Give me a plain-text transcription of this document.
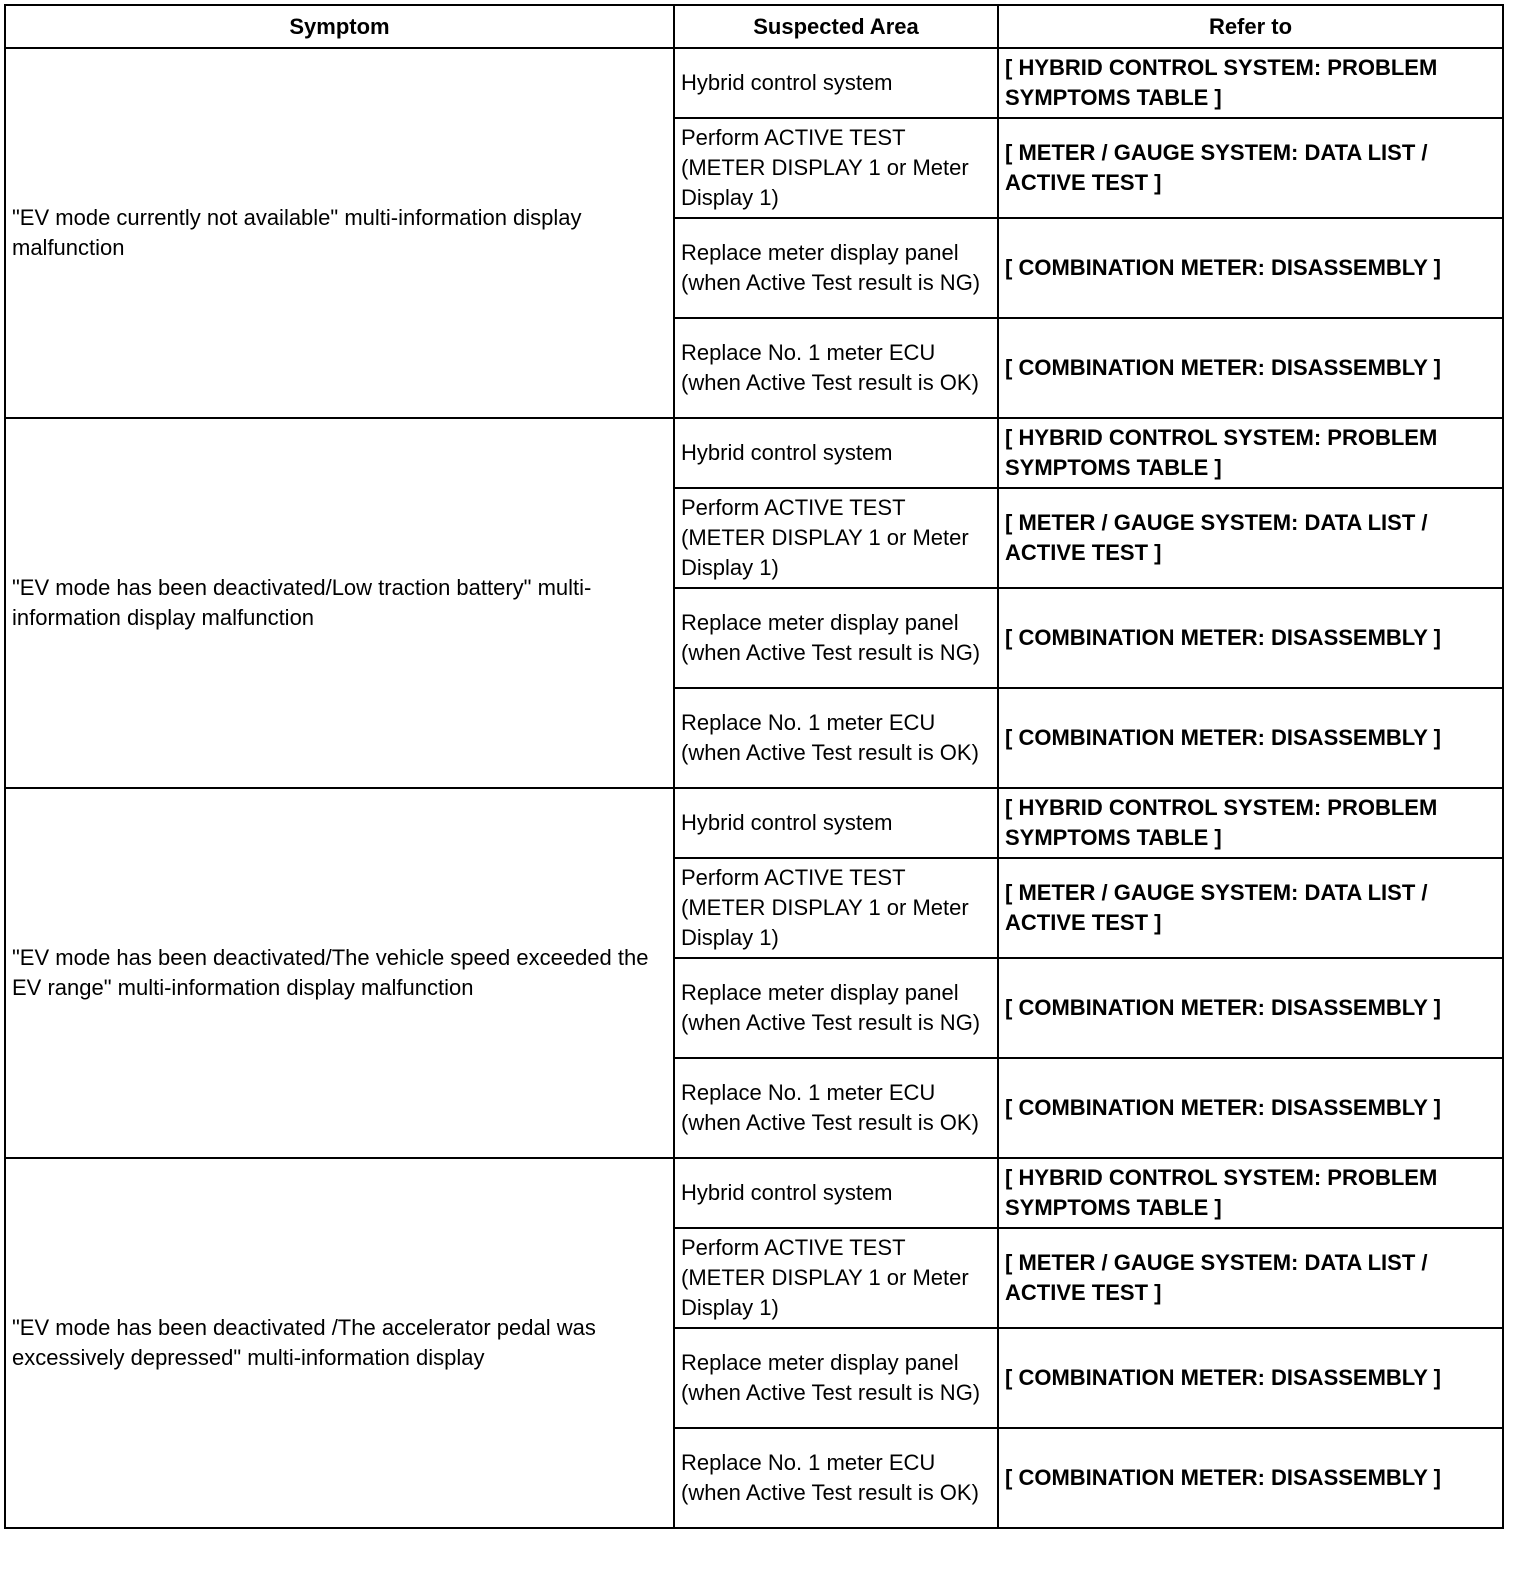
Symptom	Suspected Area	Refer to
"EV mode currently not available" multi-information display malfunction	Hybrid control system	[ HYBRID CONTROL SYSTEM: PROBLEM SYMPTOMS TABLE ]
	Perform ACTIVE TEST (METER DISPLAY 1 or Meter Display 1)	[ METER / GAUGE SYSTEM: DATA LIST / ACTIVE TEST ]
	Replace meter display panel (when Active Test result is NG)	[ COMBINATION METER: DISASSEMBLY ]
	Replace No. 1 meter ECU (when Active Test result is OK)	[ COMBINATION METER: DISASSEMBLY ]
"EV mode has been deactivated/Low traction battery" multi-information display malfunction	Hybrid control system	[ HYBRID CONTROL SYSTEM: PROBLEM SYMPTOMS TABLE ]
	Perform ACTIVE TEST (METER DISPLAY 1 or Meter Display 1)	[ METER / GAUGE SYSTEM: DATA LIST / ACTIVE TEST ]
	Replace meter display panel (when Active Test result is NG)	[ COMBINATION METER: DISASSEMBLY ]
	Replace No. 1 meter ECU (when Active Test result is OK)	[ COMBINATION METER: DISASSEMBLY ]
"EV mode has been deactivated/The vehicle speed exceeded the EV range" multi-information display malfunction	Hybrid control system	[ HYBRID CONTROL SYSTEM: PROBLEM SYMPTOMS TABLE ]
	Perform ACTIVE TEST (METER DISPLAY 1 or Meter Display 1)	[ METER / GAUGE SYSTEM: DATA LIST / ACTIVE TEST ]
	Replace meter display panel (when Active Test result is NG)	[ COMBINATION METER: DISASSEMBLY ]
	Replace No. 1 meter ECU (when Active Test result is OK)	[ COMBINATION METER: DISASSEMBLY ]
"EV mode has been deactivated /The accelerator pedal was excessively depressed" multi-information display	Hybrid control system	[ HYBRID CONTROL SYSTEM: PROBLEM SYMPTOMS TABLE ]
	Perform ACTIVE TEST (METER DISPLAY 1 or Meter Display 1)	[ METER / GAUGE SYSTEM: DATA LIST / ACTIVE TEST ]
	Replace meter display panel (when Active Test result is NG)	[ COMBINATION METER: DISASSEMBLY ]
	Replace No. 1 meter ECU (when Active Test result is OK)	[ COMBINATION METER: DISASSEMBLY ]
